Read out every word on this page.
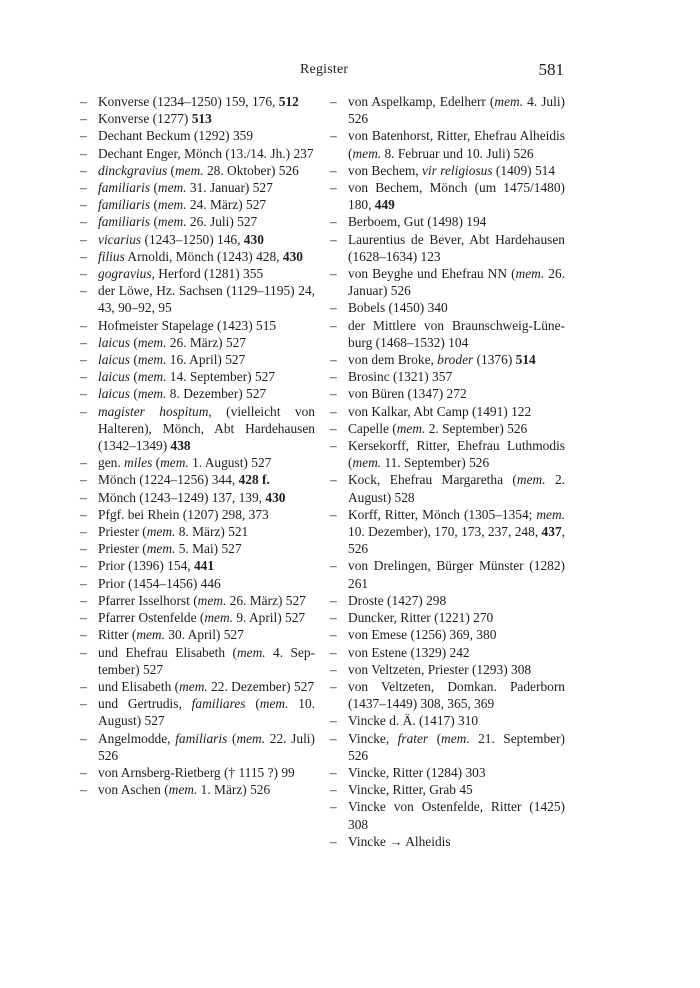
Register	581
– Konverse (1234–1250) 159, 176, 512
– Konverse (1277) 513
– Dechant Beckum (1292) 359
– Dechant Enger, Mönch (13./14. Jh.) 237
– dinckgravius (mem. 28. Oktober) 526
– familiaris (mem. 31. Januar) 527
– familiaris (mem. 24. März) 527
– familiaris (mem. 26. Juli) 527
– vicarius (1243–1250) 146, 430
– filius Arnoldi, Mönch (1243) 428, 430
– gogravius, Herford (1281) 355
– der Löwe, Hz. Sachsen (1129–1195) 24, 43, 90–92, 95
– Hofmeister Stapelage (1423) 515
– laicus (mem. 26. März) 527
– laicus (mem. 16. April) 527
– laicus (mem. 14. September) 527
– laicus (mem. 8. Dezember) 527
– magister hospitum, (vielleicht von Halteren), Mönch, Abt Hardehausen (1342–1349) 438
– gen. miles (mem. 1. August) 527
– Mönch (1224–1256) 344, 428 f.
– Mönch (1243–1249) 137, 139, 430
– Pfgf. bei Rhein (1207) 298, 373
– Priester (mem. 8. März) 521
– Priester (mem. 5. Mai) 527
– Prior (1396) 154, 441
– Prior (1454–1456) 446
– Pfarrer Isselhorst (mem. 26. März) 527
– Pfarrer Ostenfelde (mem. 9. April) 527
– Ritter (mem. 30. April) 527
– und Ehefrau Elisabeth (mem. 4. September) 527
– und Elisabeth (mem. 22. Dezember) 527
– und Gertrudis, familiares (mem. 10. August) 527
– Angelmodde, familiaris (mem. 22. Juli) 526
– von Arnsberg-Rietberg († 1115 ?) 99
– von Aschen (mem. 1. März) 526
– von Aspelkamp, Edelherr (mem. 4. Juli) 526
– von Batenhorst, Ritter, Ehefrau Alheidis (mem. 8. Februar und 10. Juli) 526
– von Bechem, vir religiosus (1409) 514
– von Bechem, Mönch (um 1475/1480) 180, 449
– Berboem, Gut (1498) 194
– Laurentius de Bever, Abt Hardehausen (1628–1634) 123
– von Beyghe und Ehefrau NN (mem. 26. Januar) 526
– Bobels (1450) 340
– der Mittlere von Braunschweig-Lüneburg (1468–1532) 104
– von dem Broke, broder (1376) 514
– Brosinc (1321) 357
– von Büren (1347) 272
– von Kalkar, Abt Camp (1491) 122
– Capelle (mem. 2. September) 526
– Kersekorff, Ritter, Ehefrau Luthmodis (mem. 11. September) 526
– Kock, Ehefrau Margaretha (mem. 2. August) 528
– Korff, Ritter, Mönch (1305–1354; mem. 10. Dezember), 170, 173, 237, 248, 437, 526
– von Drelingen, Bürger Münster (1282) 261
– Droste (1427) 298
– Duncker, Ritter (1221) 270
– von Emese (1256) 369, 380
– von Estene (1329) 242
– von Veltzeten, Priester (1293) 308
– von Veltzeten, Domkan. Paderborn (1437–1449) 308, 365, 369
– Vincke d. Ä. (1417) 310
– Vincke, frater (mem. 21. September) 526
– Vincke, Ritter (1284) 303
– Vincke, Ritter, Grab 45
– Vincke von Ostenfelde, Ritter (1425) 308
– Vincke → Alheidis
